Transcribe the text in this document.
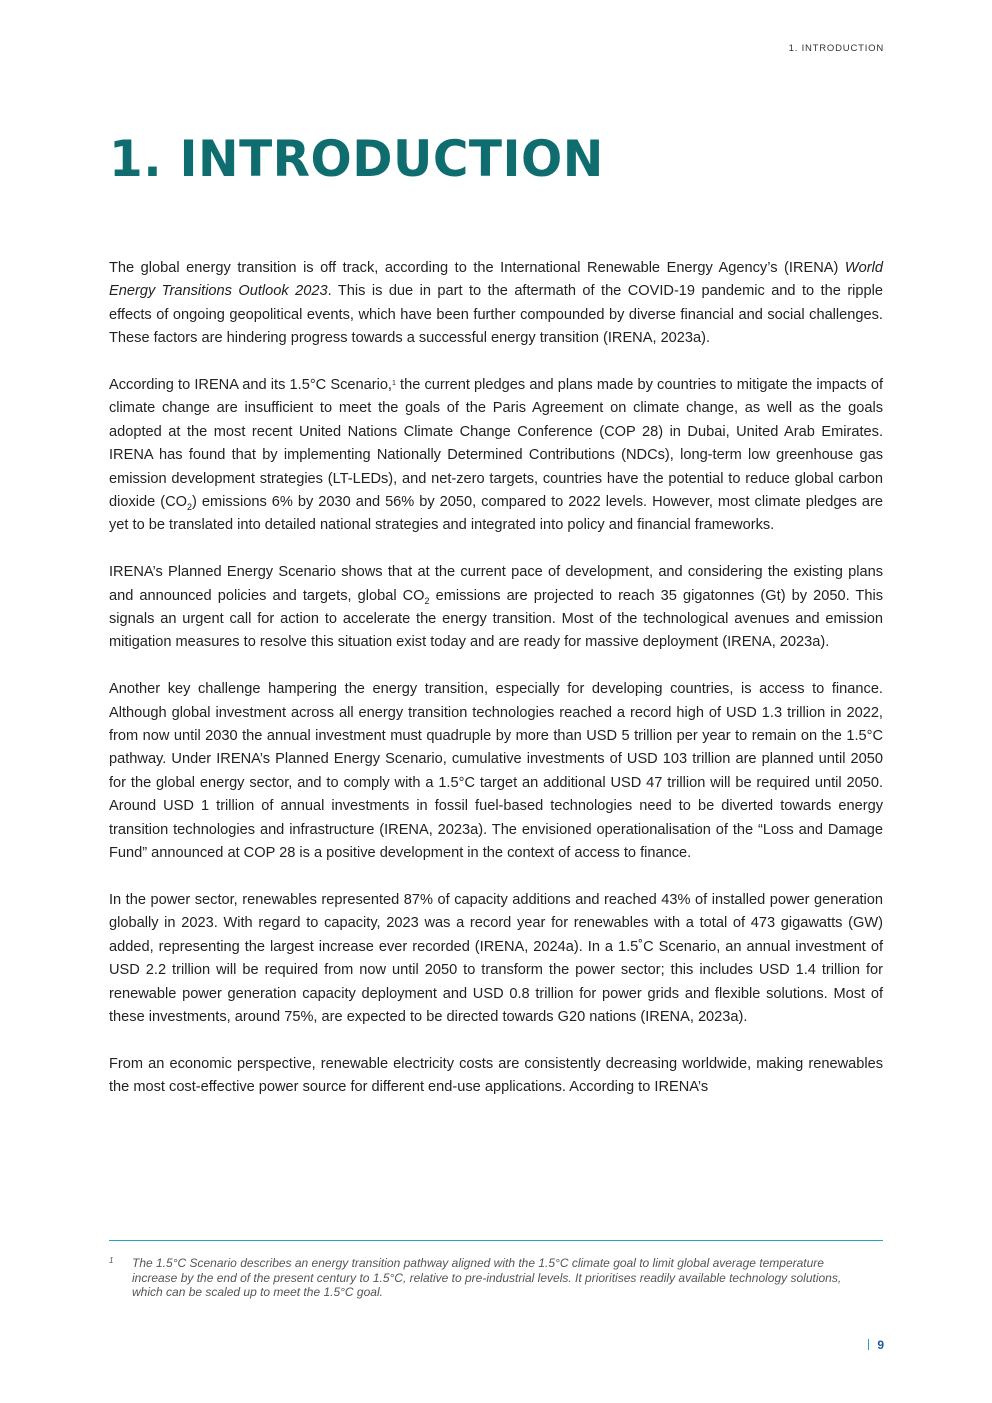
1. INTRODUCTION
1. INTRODUCTION

The global energy transition is off track, according to the International Renewable Energy Agency’s (IRENA) World Energy Transitions Outlook 2023. This is due in part to the aftermath of the COVID-19 pandemic and to the ripple effects of ongoing geopolitical events, which have been further compounded by diverse financial and social challenges. These factors are hindering progress towards a successful energy transition (IRENA, 2023a).

According to IRENA and its 1.5°C Scenario,$^1$ the current pledges and plans made by countries to mitigate the impacts of climate change are insufficient to meet the goals of the Paris Agreement on climate change, as well as the goals adopted at the most recent United Nations Climate Change Conference (COP 28) in Dubai, United Arab Emirates. IRENA has found that by implementing Nationally Determined Contributions (NDCs), long-term low greenhouse gas emission development strategies (LT-LEDs), and net-zero targets, countries have the potential to reduce global carbon dioxide $(CO_2)$ emissions 6% by 2030 and 56% by 2050, compared to 2022 levels. However, most climate pledges are yet to be translated into detailed national strategies and integrated into policy and financial frameworks.

IRENA’s Planned Energy Scenario shows that at the current pace of development, and considering the existing plans and announced policies and targets, global $CO_2$ emissions are projected to reach 35 gigatonnes (Gt) by 2050. This signals an urgent call for action to accelerate the energy transition. Most of the technological avenues and emission mitigation measures to resolve this situation exist today and are ready for massive deployment (IRENA, 2023a).

Another key challenge hampering the energy transition, especially for developing countries, is access to finance. Although global investment across all energy transition technologies reached a record high of USD 1.3 trillion in 2022, from now until 2030 the annual investment must quadruple by more than USD 5 trillion per year to remain on the 1.5°C pathway. Under IRENA’s Planned Energy Scenario, cumulative investments of USD 103 trillion are planned until 2050 for the global energy sector, and to comply with a 1.5°C target an additional USD 47 trillion will be required until 2050. Around USD 1 trillion of annual investments in fossil fuel-based technologies need to be diverted towards energy transition technologies and infrastructure (IRENA, 2023a). The envisioned operationalisation of the “Loss and Damage Fund” announced at COP 28 is a positive development in the context of access to finance.

In the power sector, renewables represented 87% of capacity additions and reached 43% of installed power generation globally in 2023. With regard to capacity, 2023 was a record year for renewables with a total of 473 gigawatts (GW) added, representing the largest increase ever recorded (IRENA, 2024a). In a 1.5˚C Scenario, an annual investment of USD 2.2 trillion will be required from now until 2050 to transform the power sector; this includes USD 1.4 trillion for renewable power generation capacity deployment and USD 0.8 trillion for power grids and flexible solutions. Most of these investments, around 75%, are expected to be directed towards G20 nations (IRENA, 2023a).

From an economic perspective, renewable electricity costs are consistently decreasing worldwide, making renewables the most cost-effective power source for different end-use applications. According to IRENA’s

1 The 1.5°C Scenario describes an energy transition pathway aligned with the 1.5°C climate goal to limit global average temperature increase by the end of the present century to 1.5°C, relative to pre-industrial levels. It prioritises readily available technology solutions, which can be scaled up to meet the 1.5°C goal.
9
